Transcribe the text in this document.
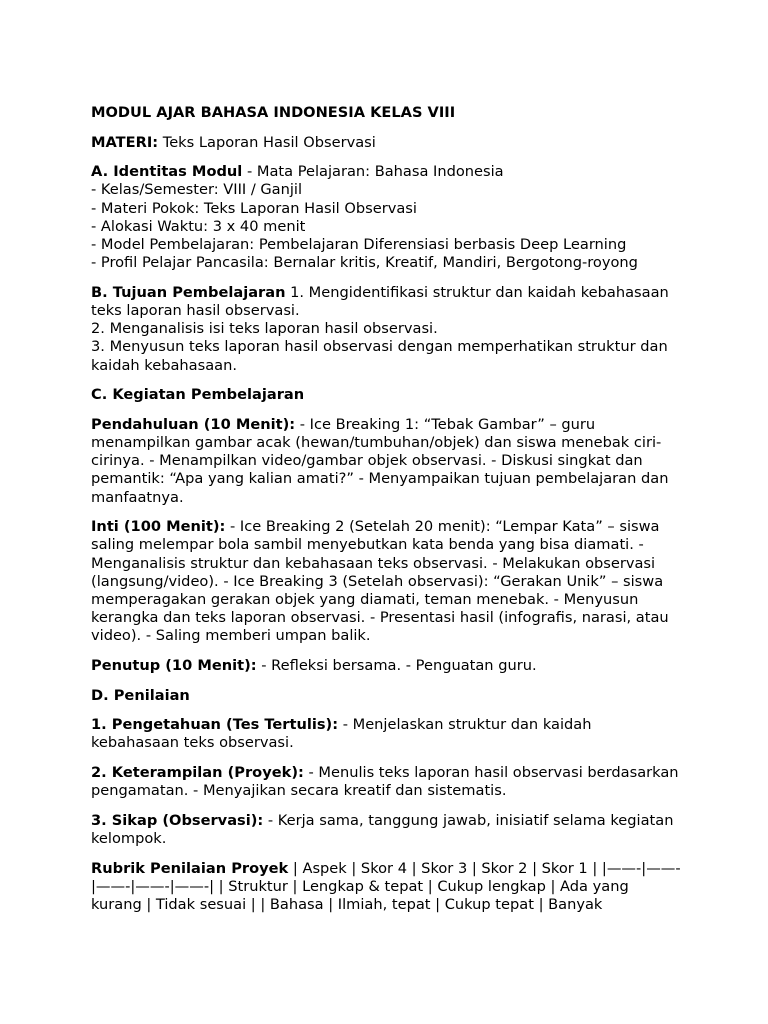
MODUL AJAR BAHASA INDONESIA KELAS VIII

MATERI: Teks Laporan Hasil Observasi

A. Identitas Modul - Mata Pelajaran: Bahasa Indonesia
- Kelas/Semester: VIII / Ganjil
- Materi Pokok: Teks Laporan Hasil Observasi
- Alokasi Waktu: 3 x 40 menit
- Model Pembelajaran: Pembelajaran Diferensiasi berbasis Deep Learning
- Profil Pelajar Pancasila: Bernalar kritis, Kreatif, Mandiri, Bergotong-royong

B. Tujuan Pembelajaran 1. Mengidentifikasi struktur dan kaidah kebahasaan teks laporan hasil observasi.
2. Menganalisis isi teks laporan hasil observasi.
3. Menyusun teks laporan hasil observasi dengan memperhatikan struktur dan kaidah kebahasaan.

C. Kegiatan Pembelajaran

Pendahuluan (10 Menit): - Ice Breaking 1: “Tebak Gambar” – guru menampilkan gambar acak (hewan/tumbuhan/objek) dan siswa menebak ciri-cirinya. - Menampilkan video/gambar objek observasi. - Diskusi singkat dan pemantik: “Apa yang kalian amati?” - Menyampaikan tujuan pembelajaran dan manfaatnya.

Inti (100 Menit): - Ice Breaking 2 (Setelah 20 menit): “Lempar Kata” – siswa saling melempar bola sambil menyebutkan kata benda yang bisa diamati. - Menganalisis struktur dan kebahasaan teks observasi. - Melakukan observasi (langsung/video). - Ice Breaking 3 (Setelah observasi): “Gerakan Unik” – siswa memperagakan gerakan objek yang diamati, teman menebak. - Menyusun kerangka dan teks laporan observasi. - Presentasi hasil (infografis, narasi, atau video). - Saling memberi umpan balik.

Penutup (10 Menit): - Refleksi bersama. - Penguatan guru.

D. Penilaian

1. Pengetahuan (Tes Tertulis): - Menjelaskan struktur dan kaidah kebahasaan teks observasi.

2. Keterampilan (Proyek): - Menulis teks laporan hasil observasi berdasarkan pengamatan. - Menyajikan secara kreatif dan sistematis.

3. Sikap (Observasi): - Kerja sama, tanggung jawab, inisiatif selama kegiatan kelompok.

Rubrik Penilaian Proyek | Aspek | Skor 4 | Skor 3 | Skor 2 | Skor 1 | |——-|——-|——-|——-|——-| | Struktur | Lengkap & tepat | Cukup lengkap | Ada yang kurang | Tidak sesuai | | Bahasa | Ilmiah, tepat | Cukup tepat | Banyak
